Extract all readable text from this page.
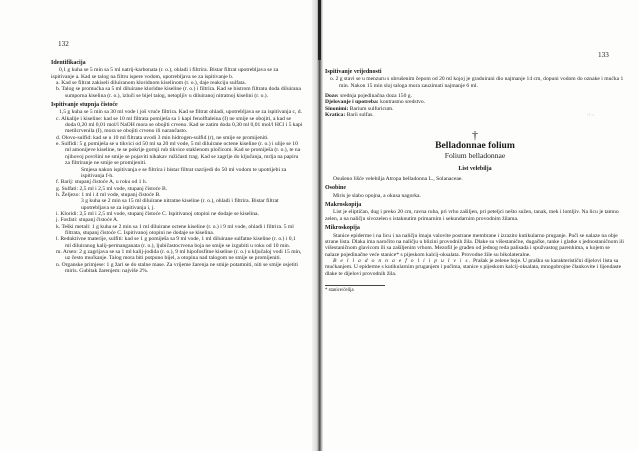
132
Identifikacija
0,1 g kuha se 5 min sa 5 ml natrij-karbonata (r. o.), ohladi i filtrira. Bistar filtrat upotrebljava se za ispitivanje a. Kad se talog na filtru ispere vodom, upotrebljava se za ispitivanje b.
a. Kad se filtrat zakiseli diluiranom kloridnom kiselinom (r. o.), daje reakciju sulfata.
b. Talog se promućka sa 5 ml diluirane kloridne kiseline (r. o.) i filtrira. Kad se bistrom filtratu doda diluirana sumporna kiselina (r. o.), izluči se bijel talog, netopljiv u diluiranoj nitratnoj kiselini (r. o.).
Ispitivanje stupnja čistoće
1,5 g kuha se 5 min sa 30 ml vode i još vruće filtrira. Kad se filtrat ohladi, upotrebljava se za ispitivanja c, d.
c. Alkalije i kiseline: kad se 10 ml filtrata pomiješa sa 1 kapi fenolftaleina (I) ne smije se obojiti, a kad se doda 0,20 ml 0,01 mol/l NaOH mora se obojiti crveno. Kad se zatim doda 0,30 ml 0,01 mol/l HCl i 5 kapi metilcrvenila (I), mora se obojiti crveno ili narančasto.
d. Olovo-sulfid: kad se u 10 ml filtrata uvodi 3 min hidrogen-sulfid (r), ne smije se promijeniti.
e. Sulfidi: 5 g pomiješa se u tikvici od 50 ml sa 20 ml vode, 5 ml diluirane octene kiseline (r. o.) i ulije se 10 ml amonijeve kiseline, te se pokrije gornji rub tikvice staklenom pločicom. Kad se promiješa (r. o.), te na njihovoj površini ne smije se pojaviti nikakav ružičasti trag. Kad se zagrije do ključanja, mrlja na papiru za filtriranje ne smije se promijeniti.
Smjesa nakon ispitivanja e se filtrira i bistar filtrat razrijedi do 50 ml vodom te upotrijebi za ispitivanja f-h.
f. Barij: stupanj čistoće A, u roku od 1 h.
g. Sulfati: 2,5 ml i 2,5 ml vode, stupanj čistoće B.
h. Željezo: 1 ml i 4 ml vode, stupanj čistoće B.
3 g kuha se 2 min sa 15 ml diluirane nitratne kiseline (r. o.), ohladi i filtrira. Bistar filtrat upotrebljava se za ispitivanja i, j.
i. Kloridi: 2,5 ml i 2,5 ml vode, stupanj čistoće C. Ispitivanoj otopini ne dodaje se kiselina.
j. Fosfati: stupanj čistoće A.
k. Teški metali: 1 g kuha se 2 min sa 1 ml diluirane octene kiseline (r. o.) i 9 ml vode, ohladi i filtrira. 5 ml filtrata, stupanj čistoće C. Ispitivanoj otopini ne dodaje se kiselina.
l. Reduktivne materije, sulfiti: kad se 1 g pomiješa sa 9 ml vode, 1 ml diluirane sulfatne kiseline (r. o.) i 0,1 ml diluiranog kalij-permanganata (r. o.), ljubičastocrvena boja ne smije se izgubiti u roku od 10 min.
m. Arsen: 2 g zagrijava se sa 1 ml kalij-jodida (r. o.), 9 ml hipofosfitne kiseline (r. o.) u ključaloj vodi 15 min, uz često mućkanje. Talog mora biti potpuno bijel, a otopina nad talogom ne smije se promijeniti.
n. Organske primjese: 1 g žari se do stalne mase. Za vrijeme žarenja ne smije potamniti, niti se smije osjetiti miris. Gubitak žarenjem: najviše 2%.
133
Ispitivanje vrijednosti
o. 2 g stavi se u menzuru s ubrušenim čepom od 20 ml kojoj je graduirani dio najmanje 14 cm, dopuni vodom do oznake i mućka 1 min. Nakon 15 min sloj taloga mora zauzimati najmanje 6 ml.
Doze: srednja pojedinačna doza 150 g.
Djelovanje i upotreba: kontrastno sredstvo.
Sinonimi: Barium sulfuricum.
Kratica: Barii sulfas.
†
Belladonnae folium
Folium belladonnae
List velebilja
Osušeno lišće velebilja Atropa belladonna L., Solanaceae.
Osobine
Miris je slabo opojna, a okusa nagorka.
Makroskopija
List je eliptičan, dug i preko 20 cm, ravna ruba, pri vrhu zašiljen, pri peteljci nešto sužen, tanak, mek i lomljiv. Na licu je tamno zelen, a na naličju sivozelen s istaknutim primarnim i sekundarnim provodnim žilama.
Mikroskopija
Stanice epiderme i na licu i na naličju imaju valovite postrane membrane i izrazito kutikularno pruganje. Puči se nalaze na obje strane lista. Dlaka ima naročito na naličju u blizini provodnih žila. Dlake su višestanične, dugačke, tanke i glatke s jednostaničnom ili višestaničnom glavicom ili sa zašiljenim vrhom. Mezofil je građen od jednog reda palisada i spužvastog parenhima, u kojem se nalaze pojedinačne veće stanice* s pijeskom kalcij-oksalata. Provodne žile su bikolateralne.
B e l l a d o n n a e f o l i i p u l v i s. Prašak je zelene boje. U prašku su karakteristični dijelovi lista sa mućkanjem. U epiderme s kutikularnim pruganjem i pučima, stanice s pijeskom kalcij-oksalata, mnogobrojne člankovite i lijendaste dlake te dijelovi provodnih žila.
* stanice/ćelija
·: ·.
